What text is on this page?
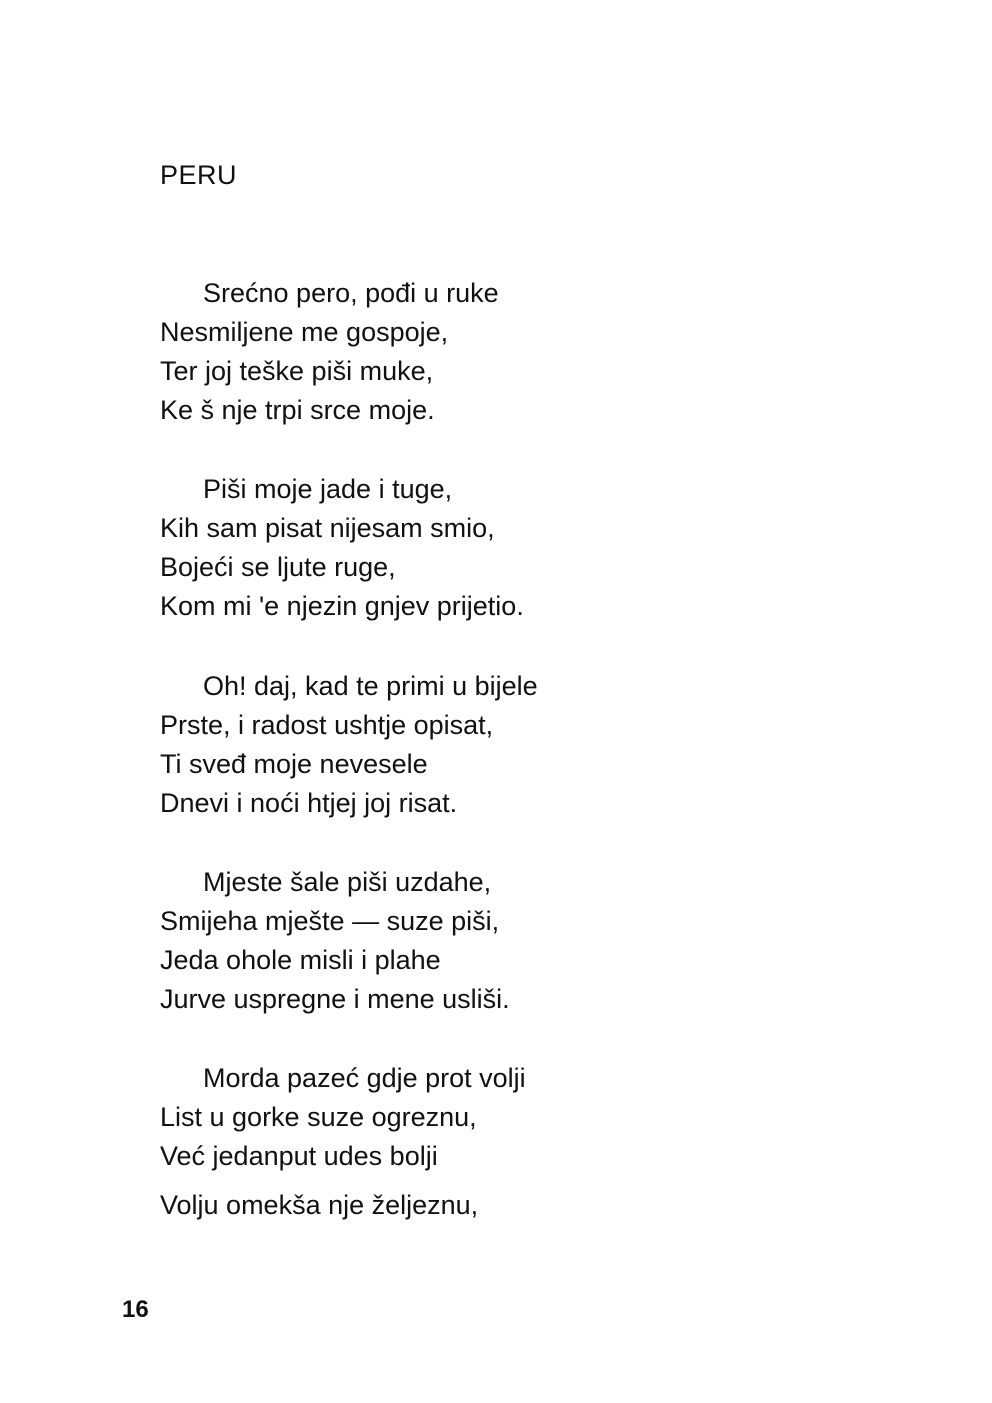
PERU
Srećno pero, pođi u ruke
Nesmiljene me gospoje,
Ter joj teške piši muke,
Ke š nje trpi srce moje.
Piši moje jade i tuge,
Kih sam pisat nijesam smio,
Bojeći se ljute ruge,
Kom mi 'e njezin gnjev prijetio.
Oh! daj, kad te primi u bijele
Prste, i radost ushtje opisat,
Ti sveđ moje nevesele
Dnevi i noći htjej joj risat.
Mjeste šale piši uzdahe,
Smijeha mješte — suze piši,
Jeda ohole misli i plahe
Jurve uspregne i mene usliši.
Morda pazeć gdje prot volji
List u gorke suze ogreznu,
Već jedanput udes bolji
Volju omekša nje željeznu,
16
